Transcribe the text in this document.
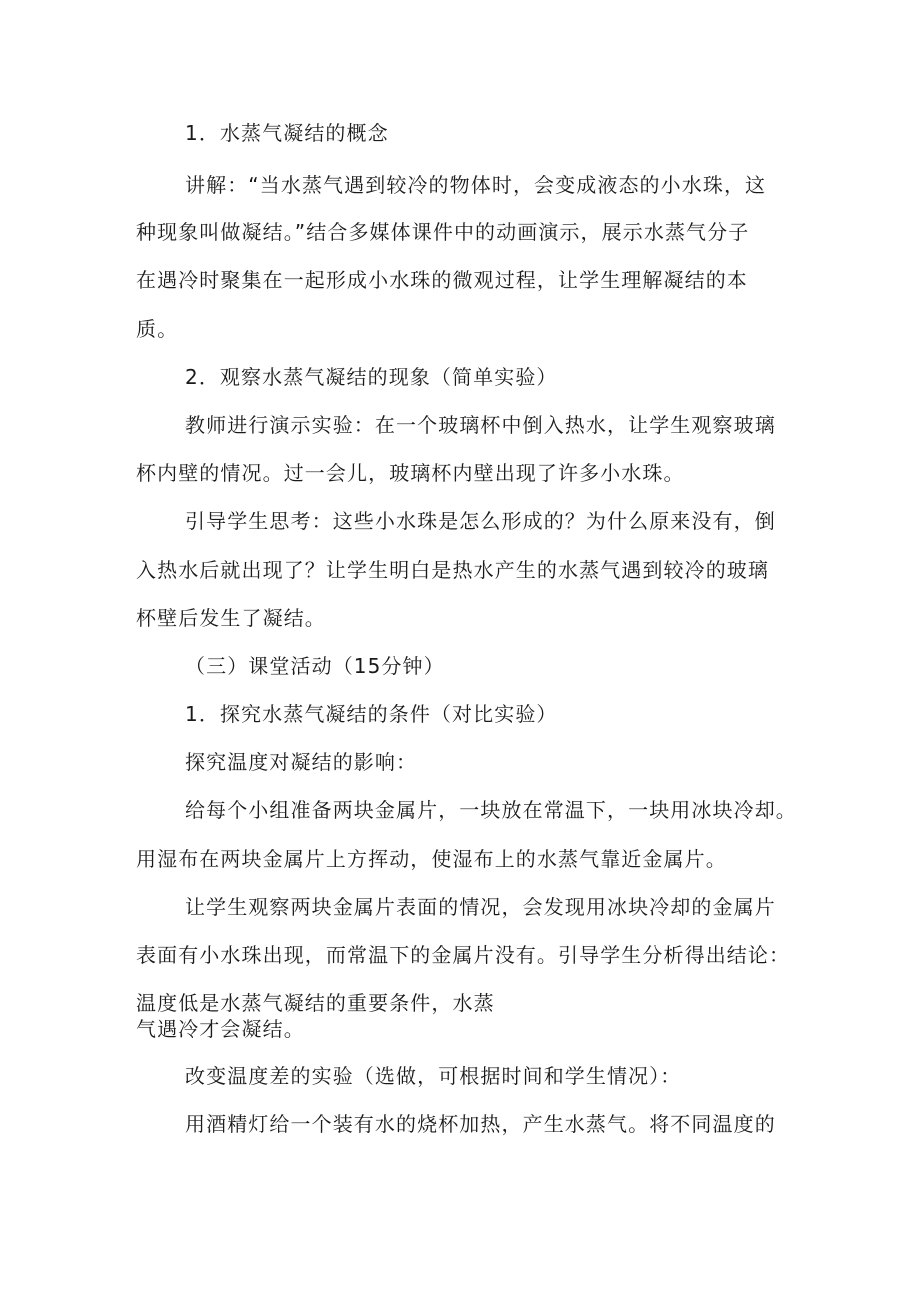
1．水蒸气凝结的概念
讲解：“当水蒸气遇到较冷的物体时，会变成液态的小水珠，这
种现象叫做凝结。”结合多媒体课件中的动画演示，展示水蒸气分子
在遇冷时聚集在一起形成小水珠的微观过程，让学生理解凝结的本
质。
2．观察水蒸气凝结的现象（简单实验）
教师进行演示实验：在一个玻璃杯中倒入热水，让学生观察玻璃
杯内壁的情况。过一会儿，玻璃杯内壁出现了许多小水珠。
引导学生思考：这些小水珠是怎么形成的？为什么原来没有，倒
入热水后就出现了？让学生明白是热水产生的水蒸气遇到较冷的玻璃
杯壁后发生了凝结。
（三）课堂活动（15分钟）
1．探究水蒸气凝结的条件（对比实验）
探究温度对凝结的影响：
给每个小组准备两块金属片，一块放在常温下，一块用冰块冷却。
用湿布在两块金属片上方挥动，使湿布上的水蒸气靠近金属片。
让学生观察两块金属片表面的情况，会发现用冰块冷却的金属片
表面有小水珠出现，而常温下的金属片没有。引导学生分析得出结论：
温度低是水蒸气凝结的重要条件，水蒸
气遇冷才会凝结。
改变温度差的实验（选做，可根据时间和学生情况）：
用酒精灯给一个装有水的烧杯加热，产生水蒸气。将不同温度的
